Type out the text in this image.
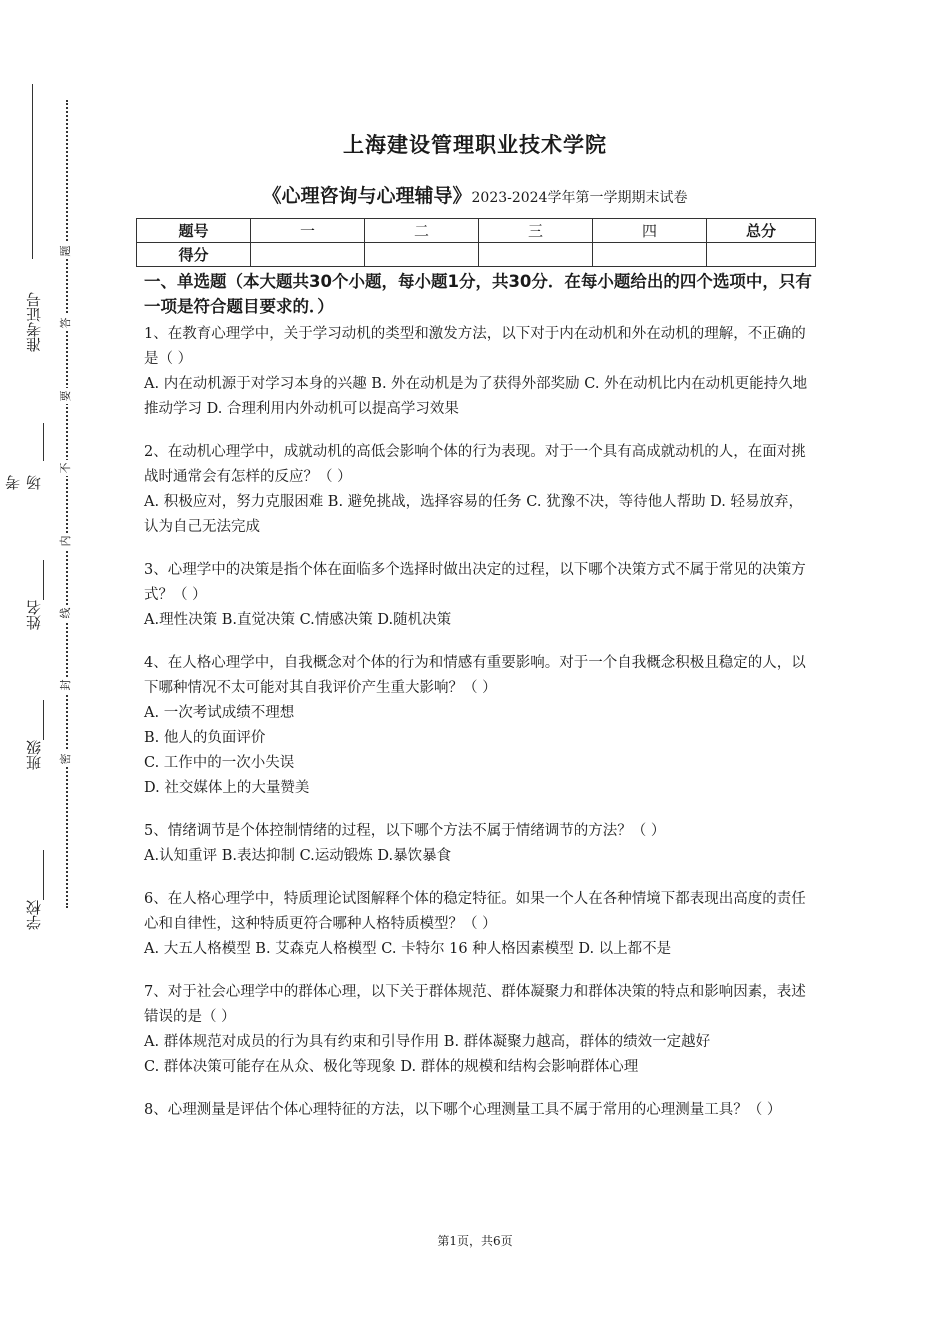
准考证号
考场
姓名
班级
学校
题
答
要
不
内
线
封
密
上海建设管理职业技术学院
《心理咨询与心理辅导》2023-2024学年第一学期期末试卷
题号	一	二	三	四	总分
得分					

一、单选题（本大题共30个小题，每小题1分，共30分．在每小题给出的四个选项中，只有一项是符合题目要求的．）

1、在教育心理学中，关于学习动机的类型和激发方法，以下对于内在动机和外在动机的理解，不正确的是（ ）

A. 内在动机源于对学习本身的兴趣 B. 外在动机是为了获得外部奖励 C. 外在动机比内在动机更能持久地推动学习 D. 合理利用内外动机可以提高学习效果

2、在动机心理学中，成就动机的高低会影响个体的行为表现。对于一个具有高成就动机的人，在面对挑战时通常会有怎样的反应？（ ）

A. 积极应对，努力克服困难 B. 避免挑战，选择容易的任务 C. 犹豫不决，等待他人帮助 D. 轻易放弃，认为自己无法完成

3、心理学中的决策是指个体在面临多个选择时做出决定的过程，以下哪个决策方式不属于常见的决策方式？（ ）

A.理性决策 B.直觉决策 C.情感决策 D.随机决策

4、在人格心理学中，自我概念对个体的行为和情感有重要影响。对于一个自我概念积极且稳定的人，以下哪种情况不太可能对其自我评价产生重大影响？（ ）

A. 一次考试成绩不理想

B. 他人的负面评价

C. 工作中的一次小失误

D. 社交媒体上的大量赞美

5、情绪调节是个体控制情绪的过程，以下哪个方法不属于情绪调节的方法？（ ）

A.认知重评 B.表达抑制 C.运动锻炼 D.暴饮暴食

6、在人格心理学中，特质理论试图解释个体的稳定特征。如果一个人在各种情境下都表现出高度的责任心和自律性，这种特质更符合哪种人格特质模型？（ ）

A. 大五人格模型 B. 艾森克人格模型 C. 卡特尔 16 种人格因素模型 D. 以上都不是

7、对于社会心理学中的群体心理，以下关于群体规范、群体凝聚力和群体决策的特点和影响因素，表述错误的是（ ）

A. 群体规范对成员的行为具有约束和引导作用 B. 群体凝聚力越高，群体的绩效一定越好

C. 群体决策可能存在从众、极化等现象 D. 群体的规模和结构会影响群体心理

8、心理测量是评估个体心理特征的方法，以下哪个心理测量工具不属于常用的心理测量工具？（ ）

第1页，共6页
